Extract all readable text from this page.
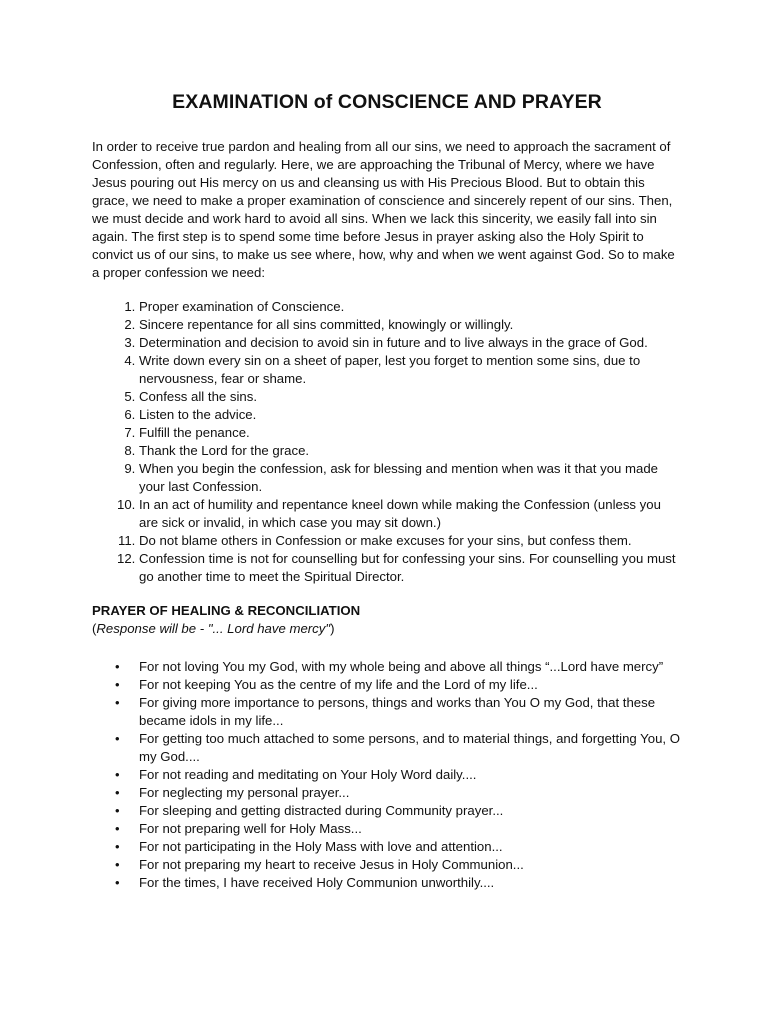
EXAMINATION of CONSCIENCE AND PRAYER

In order to receive true pardon and healing from all our sins, we need to approach the sacrament of Confession, often and regularly. Here, we are approaching the Tribunal of Mercy, where we have Jesus pouring out His mercy on us and cleansing us with His Precious Blood. But to obtain this grace, we need to make a proper examination of conscience and sincerely repent of our sins. Then, we must decide and work hard to avoid all sins. When we lack this sincerity, we easily fall into sin again. The first step is to spend some time before Jesus in prayer asking also the Holy Spirit to convict us of our sins, to make us see where, how, why and when we went against God. So to make a proper confession we need:

1. Proper examination of Conscience.
2. Sincere repentance for all sins committed, knowingly or willingly.
3. Determination and decision to avoid sin in future and to live always in the grace of God.
4. Write down every sin on a sheet of paper, lest you forget to mention some sins, due to nervousness, fear or shame.
5. Confess all the sins.
6. Listen to the advice.
7. Fulfill the penance.
8. Thank the Lord for the grace.
9. When you begin the confession, ask for blessing and mention when was it that you made your last Confession.
10. In an act of humility and repentance kneel down while making the Confession (unless you are sick or invalid, in which case you may sit down.)
11. Do not blame others in Confession or make excuses for your sins, but confess them.
12. Confession time is not for counselling but for confessing your sins. For counselling you must go another time to meet the Spiritual Director.

PRAYER OF HEALING & RECONCILIATION

(Response will be - "... Lord have mercy")

• For not loving You my God, with my whole being and above all things “...Lord have mercy”
• For not keeping You as the centre of my life and the Lord of my life...
• For giving more importance to persons, things and works than You O my God, that these became idols in my life...
• For getting too much attached to some persons, and to material things, and forgetting You, O my God....
• For not reading and meditating on Your Holy Word daily....
• For neglecting my personal prayer...
• For sleeping and getting distracted during Community prayer...
• For not preparing well for Holy Mass...
• For not participating in the Holy Mass with love and attention...
• For not preparing my heart to receive Jesus in Holy Communion...
• For the times, I have received Holy Communion unworthily....
